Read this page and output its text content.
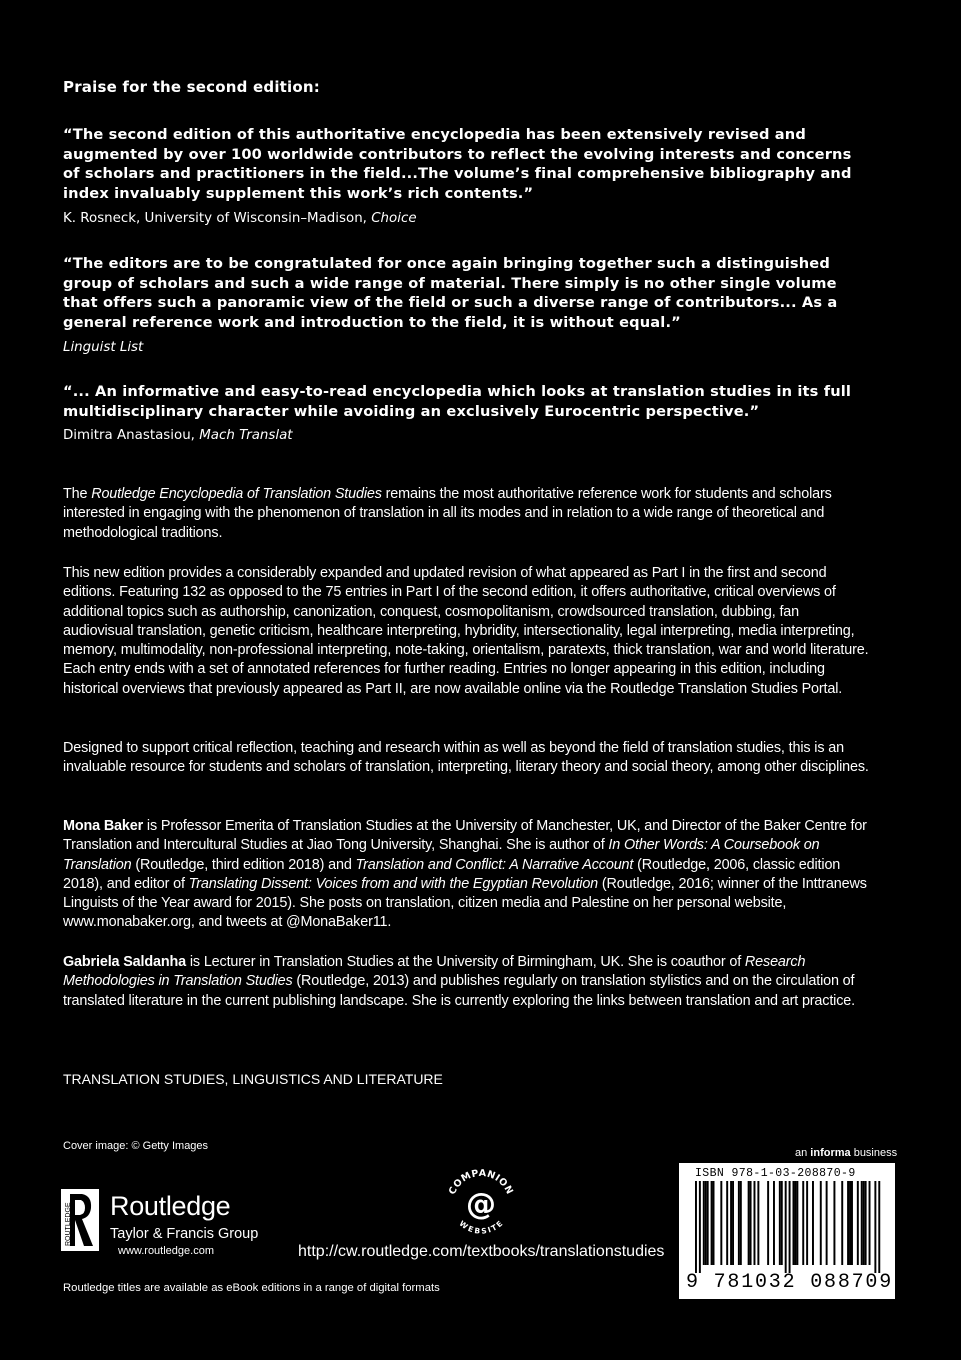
Praise for the second edition:
“The second edition of this authoritative encyclopedia has been extensively revised and augmented by over 100 worldwide contributors to reflect the evolving interests and concerns of scholars and practitioners in the field...The volume’s final comprehensive bibliography and index invaluably supplement this work’s rich contents.”
K. Rosneck, University of Wisconsin–Madison, Choice
“The editors are to be congratulated for once again bringing together such a distinguished group of scholars and such a wide range of material. There simply is no other single volume that offers such a panoramic view of the field or such a diverse range of contributors... As a general reference work and introduction to the field, it is without equal.”
Linguist List
“... An informative and easy-to-read encyclopedia which looks at translation studies in its full multidisciplinary character while avoiding an exclusively Eurocentric perspective.”
Dimitra Anastasiou, Mach Translat
The Routledge Encyclopedia of Translation Studies remains the most authoritative reference work for students and scholars interested in engaging with the phenomenon of translation in all its modes and in relation to a wide range of theoretical and methodological traditions.
This new edition provides a considerably expanded and updated revision of what appeared as Part I in the first and second editions. Featuring 132 as opposed to the 75 entries in Part I of the second edition, it offers authoritative, critical overviews of additional topics such as authorship, canonization, conquest, cosmopolitanism, crowdsourced translation, dubbing, fan audiovisual translation, genetic criticism, healthcare interpreting, hybridity, intersectionality, legal interpreting, media interpreting, memory, multimodality, non-professional interpreting, note-taking, orientalism, paratexts, thick translation, war and world literature. Each entry ends with a set of annotated references for further reading. Entries no longer appearing in this edition, including historical overviews that previously appeared as Part II, are now available online via the Routledge Translation Studies Portal.
Designed to support critical reflection, teaching and research within as well as beyond the field of translation studies, this is an invaluable resource for students and scholars of translation, interpreting, literary theory and social theory, among other disciplines.
Mona Baker is Professor Emerita of Translation Studies at the University of Manchester, UK, and Director of the Baker Centre for Translation and Intercultural Studies at Jiao Tong University, Shanghai. She is author of In Other Words: A Coursebook on Translation (Routledge, third edition 2018) and Translation and Conflict: A Narrative Account (Routledge, 2006, classic edition 2018), and editor of Translating Dissent: Voices from and with the Egyptian Revolution (Routledge, 2016; winner of the Inttranews Linguists of the Year award for 2015). She posts on translation, citizen media and Palestine on her personal website, www.monabaker.org, and tweets at @MonaBaker11.
Gabriela Saldanha is Lecturer in Translation Studies at the University of Birmingham, UK. She is coauthor of Research Methodologies in Translation Studies (Routledge, 2013) and publishes regularly on translation stylistics and on the circulation of translated literature in the current publishing landscape. She is currently exploring the links between translation and art practice.
TRANSLATION STUDIES, LINGUISTICS AND LITERATURE
Cover image: © Getty Images
an informa business
ROUTLEDGE Routledge
Taylor & Francis Group
www.routledge.com
COMPANION
WEBSITE
@
http://cw.routledge.com/textbooks/translationstudies
Routledge titles are available as eBook editions in a range of digital formats
ISBN 978-1-03-208870-9
9 781032 088709
